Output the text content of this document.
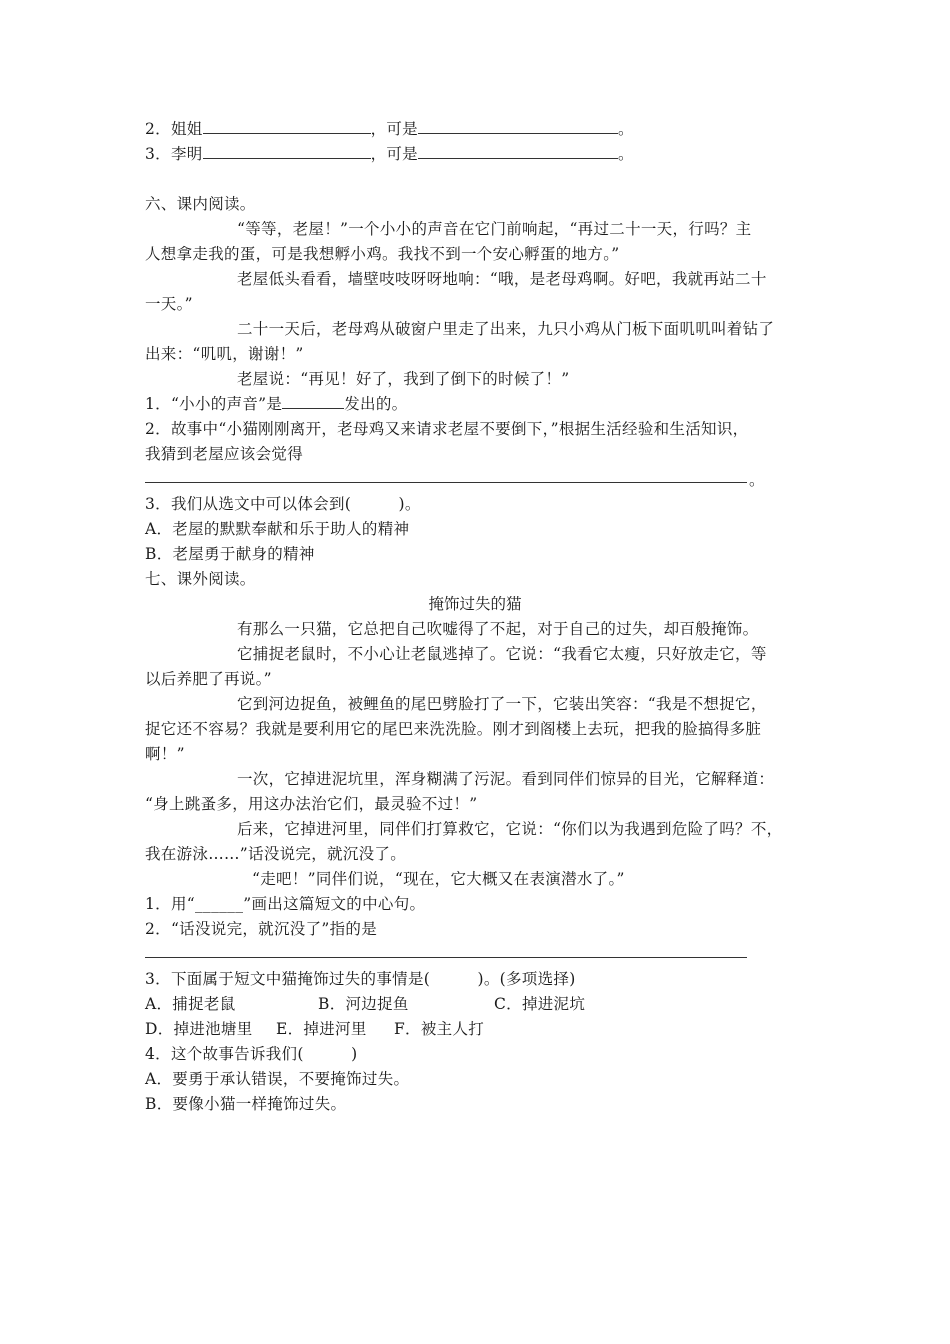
2．姐姐	，可是	。
3．李明	，可是	。
六、课内阅读。
“等等，老屋！”一个小小的声音在它门前响起，“再过二十一天，行吗？主
人想拿走我的蛋，可是我想孵小鸡。我找不到一个安心孵蛋的地方。”
老屋低头看看，墙壁吱吱呀呀地响：“哦，是老母鸡啊。好吧，我就再站二十
一天。”
二十一天后，老母鸡从破窗户里走了出来，九只小鸡从门板下面叽叽叫着钻了
出来：“叽叽，谢谢！”
老屋说：“再见！好了，我到了倒下的时候了！”
1．“小小的声音”是	发出的。
2．故事中“小猫刚刚离开，老母鸡又来请求老屋不要倒下，”根据生活经验和生活知识，
我猜到老屋应该会觉得
。
3．我们从选文中可以体会到(　　　)。
A．老屋的默默奉献和乐于助人的精神
B．老屋勇于献身的精神
七、课外阅读。
掩饰过失的猫
有那么一只猫，它总把自己吹嘘得了不起，对于自己的过失，却百般掩饰。
它捕捉老鼠时，不小心让老鼠逃掉了。它说：“我看它太瘦，只好放走它，等
以后养肥了再说。”
它到河边捉鱼，被鲤鱼的尾巴劈脸打了一下，它装出笑容：“我是不想捉它，
捉它还不容易？我就是要利用它的尾巴来洗洗脸。刚才到阁楼上去玩，把我的脸搞得多脏
啊！”
一次，它掉进泥坑里，浑身糊满了污泥。看到同伴们惊异的目光，它解释道：
“身上跳蚤多，用这办法治它们，最灵验不过！”
后来，它掉进河里，同伴们打算救它，它说：“你们以为我遇到危险了吗？不，
我在游泳……”话没说完，就沉没了。
“走吧！”同伴们说，“现在，它大概又在表演潜水了。”
1．用“______”画出这篇短文的中心句。
2．“话没说完，就沉没了”指的是
3．下面属于短文中猫掩饰过失的事情是(　　　)。(多项选择)
A．捕捉老鼠	B．河边捉鱼	C．掉进泥坑
D．掉进池塘里 E．掉进河里 F．被主人打
4．这个故事告诉我们(　　　)
A．要勇于承认错误，不要掩饰过失。
B．要像小猫一样掩饰过失。
